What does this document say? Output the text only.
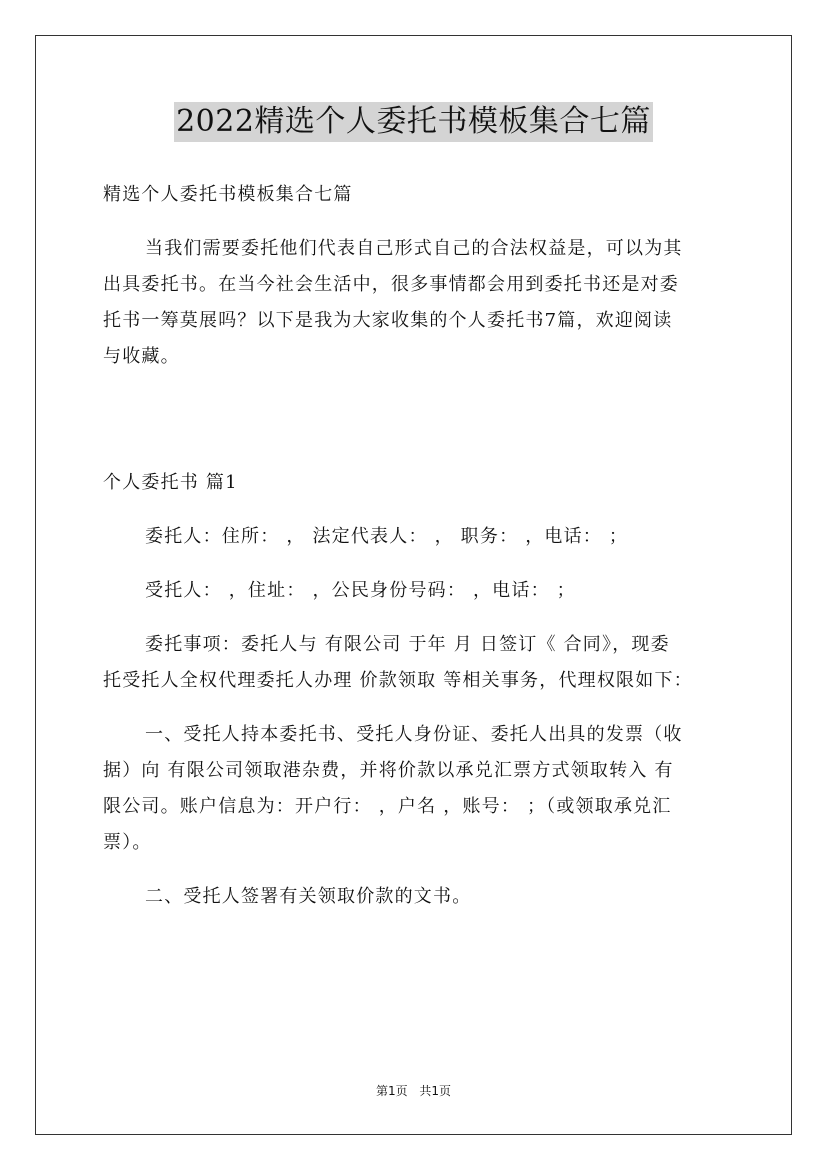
2022精选个人委托书模板集合七篇
精选个人委托书模板集合七篇
当我们需要委托他们代表自己形式自己的合法权益是，可以为其
出具委托书。在当今社会生活中，很多事情都会用到委托书还是对委
托书一筹莫展吗？以下是我为大家收集的个人委托书7篇，欢迎阅读
与收藏。
个人委托书 篇1
委托人：住所： ， 法定代表人： ， 职务： ，电话： ；
受托人： ，住址： ，公民身份号码： ，电话： ；
委托事项：委托人与 有限公司 于年 月 日签订《 合同》，现委
托受托人全权代理委托人办理 价款领取 等相关事务，代理权限如下：
一、受托人持本委托书、受托人身份证、委托人出具的发票（收
据）向 有限公司领取港杂费，并将价款以承兑汇票方式领取转入 有
限公司。账户信息为：开户行： ，户名 ，账号： ；（或领取承兑汇
票）。
二、受托人签署有关领取价款的文书。
第1页 共1页
